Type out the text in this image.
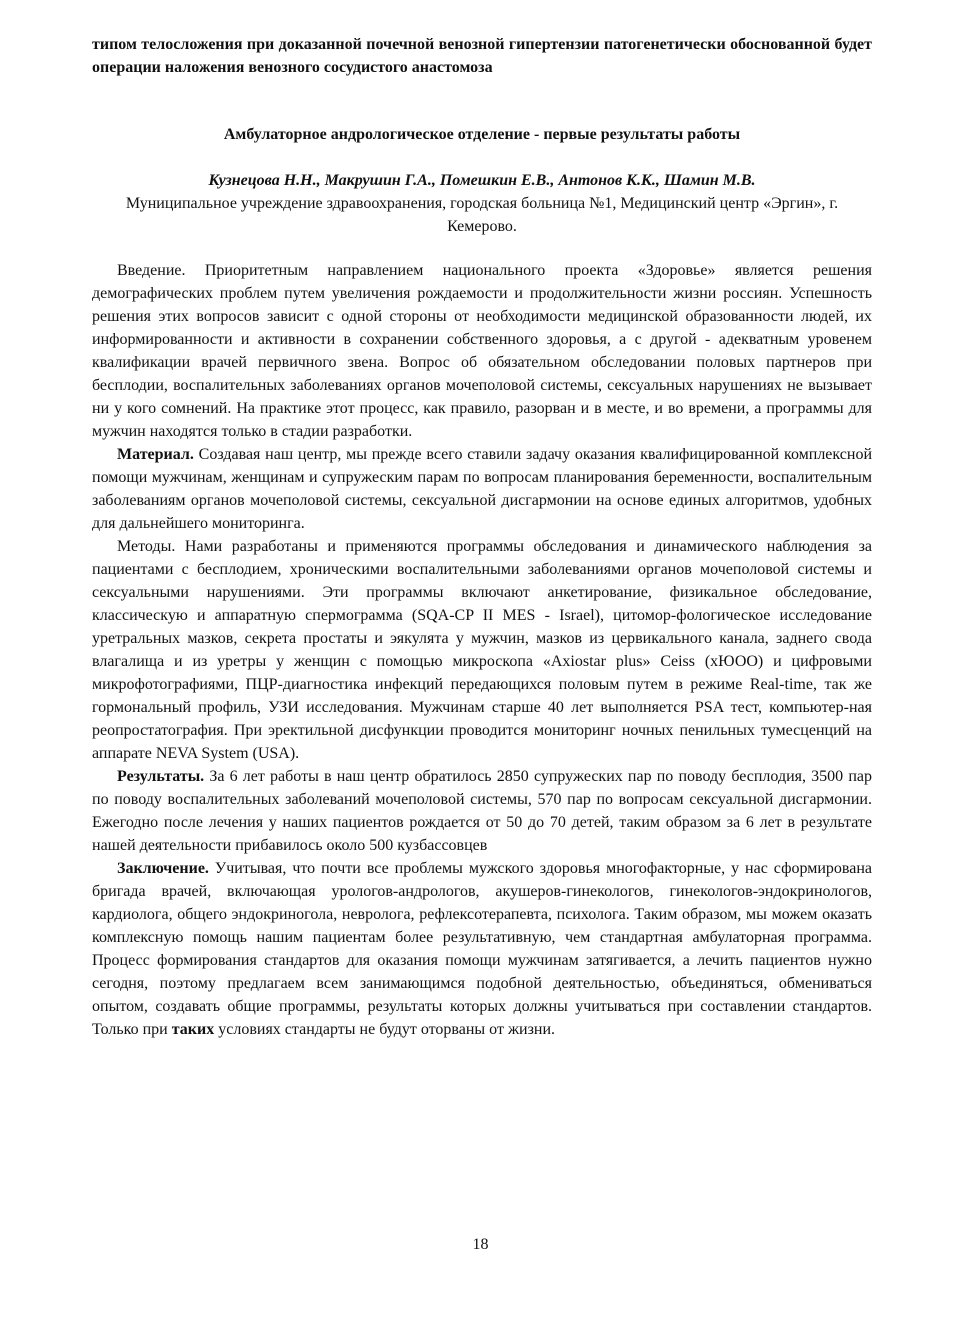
типом телосложения при доказанной почечной венозной гипертензии патогенетически обоснованной будет операции наложения венозного сосудистого анастомоза

Амбулаторное андрологическое отделение - первые результаты работы

Кузнецова Н.Н., Макрушин Г.А., Помешкин Е.В., Антонов К.К., Шамин М.В.

Муниципальное учреждение здравоохранения, городская больница №1, Медицинский центр «Эргин», г. Кемерово.

Введение. Приоритетным направлением национального проекта «Здоровье» является решения демографических проблем путем увеличения рождаемости и продолжительности жизни россиян. Успешность решения этих вопросов зависит с одной стороны от необходимости медицинской образованности людей, их информированности и активности в сохранении собственного здоровья, а с другой - адекватным уровенем квалификации врачей первичного звена. Вопрос об обязательном обследовании половых партнеров при бесплодии, воспалительных заболеваниях органов мочеполовой системы, сексуальных нарушениях не вызывает ни у кого сомнений. На практике этот процесс, как правило, разорван и в месте, и во времени, а программы для мужчин находятся только в стадии разработки.

Материал. Создавая наш центр, мы прежде всего ставили задачу оказания квалифицированной комплексной помощи мужчинам, женщинам и супружеским парам по вопросам планирования беременности, воспалительным заболеваниям органов мочеполовой системы, сексуальной дисгармонии на основе единых алгоритмов, удобных для дальнейшего мониторинга.

Методы. Нами разработаны и применяются программы обследования и динамического наблюдения за пациентами с бесплодием, хроническими воспалительными заболеваниями органов мочеполовой системы и сексуальными нарушениями. Эти программы включают анкетирование, физикальное обследование, классическую и аппаратную спермограмма (SQA-CP II MES - Israel), цитомор-фологическое исследование уретральных мазков, секрета простаты и эякулята у мужчин, мазков из цервикального канала, заднего свода влагалища и из уретры у женщин с помощью микроскопа «Axiostar plus» Ceiss (хЮОО) и цифровыми микрофотографиями, ПЦР-диагностика инфекций передающихся половым путем в режиме Real-time, так же гормональный профиль, УЗИ исследования. Мужчинам старше 40 лет выполняется PSA тест, компьютер-ная реопростатография. При эректильной дисфункции проводится мониторинг ночных пенильных тумесценций на аппарате NEVA System (USA).

Результаты. За 6 лет работы в наш центр обратилось 2850 супружеских пар по поводу бесплодия, 3500 пар по поводу воспалительных заболеваний мочеполовой системы, 570 пар по вопросам сексуальной дисгармонии. Ежегодно после лечения у наших пациентов рождается от 50 до 70 детей, таким образом за 6 лет в результате нашей деятельности прибавилось около 500 кузбассовцев

Заключение. Учитывая, что почти все проблемы мужского здоровья многофакторные, у нас сформирована бригада врачей, включающая урологов-андрологов, акушеров-гинекологов, гинекологов-эндокринологов, кардиолога, общего эндокриногола, невролога, рефлексотерапевта, психолога. Таким образом, мы можем оказать комплексную помощь нашим пациентам более результативную, чем стандартная амбулаторная программа. Процесс формирования стандартов для оказания помощи мужчинам затягивается, а лечить пациентов нужно сегодня, поэтому предлагаем всем занимающимся подобной деятельностью, объединяться, обмениваться опытом, создавать общие программы, результаты которых должны учитываться при составлении стандартов. Только при таких условиях стандарты не будут оторваны от жизни.

18
